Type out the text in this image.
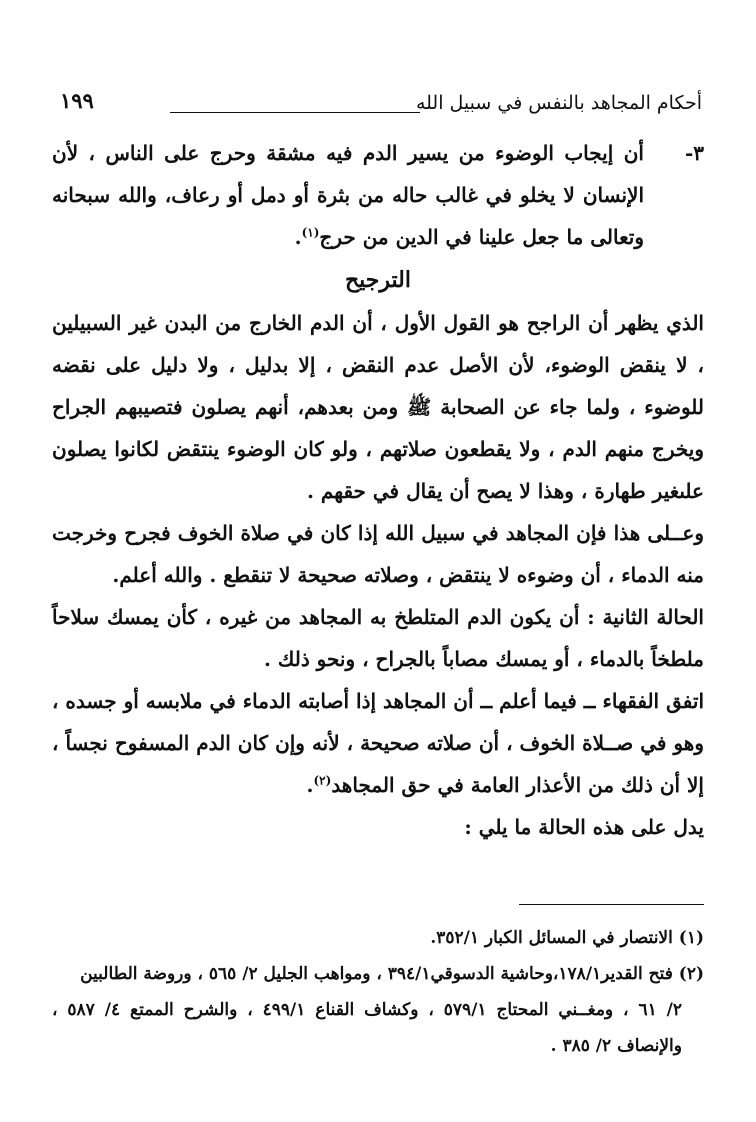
أحكام المجاهد بالنفس في سبيل الله
١٩٩

٣-
أن إيجاب الوضوء من يسير الدم فيه مشقة وحرج على الناس ، لأن الإنسان لا يخلو في غالب حاله من بثرة أو دمل أو رعاف، والله سبحانه وتعالى ما جعل علينا في الدين من حرج$^{(١)}$.

الترجيح

الذي يظهر أن الراجح هو القول الأول ، أن الدم الخارج من البدن غير السبيلين ، لا ينقض الوضوء، لأن الأصل عدم النقض ، إلا بدليل ، ولا دليل على نقضه للوضوء ، ولما جاء عن الصحابة ﷺ ومن بعدهم، أنهم يصلون فتصيبهم الجراح ويخرج منهم الدم ، ولا يقطعون صلاتهم ، ولو كان الوضوء ينتقض لكانوا يصلون علىغير طهارة ، وهذا لا يصح أن يقال في حقهم .

وعــلى هذا فإن المجاهد في سبيل الله إذا كان في صلاة الخوف فجرح وخرجت منه الدماء ، أن وضوءه لا ينتقض ، وصلاته صحيحة لا تنقطع . والله أعلم.

الحالة الثانية : أن يكون الدم المتلطخ به المجاهد من غيره ، كأن يمسك سلاحاً ملطخاً بالدماء ، أو يمسك مصاباً بالجراح ، ونحو ذلك .

اتفق الفقهاء ــ فيما أعلم ــ أن المجاهد إذا أصابته الدماء في ملابسه أو جسده ، وهو في صــلاة الخوف ، أن صلاته صحيحة ، لأنه وإن كان الدم المسفوح نجساً ، إلا أن ذلك من الأعذار العامة في حق المجاهد$^{(٢)}$.

يدل على هذه الحالة ما يلي :

(١) الانتصار في المسائل الكبار ٣٥٢/١.

(٢) فتح القدير١٧٨/١،وحاشية الدسوقي٣٩٤/١ ، ومواهب الجليل ٢/ ٥٦٥ ، وروضة الطالبين
٢/ ٦١ ، ومغــني المحتاج ٥٧٩/١ ، وكشاف القناع ٤٩٩/١ ، والشرح الممتع ٤/ ٥٨٧ ، والإنصاف ٢/ ٣٨٥ .
